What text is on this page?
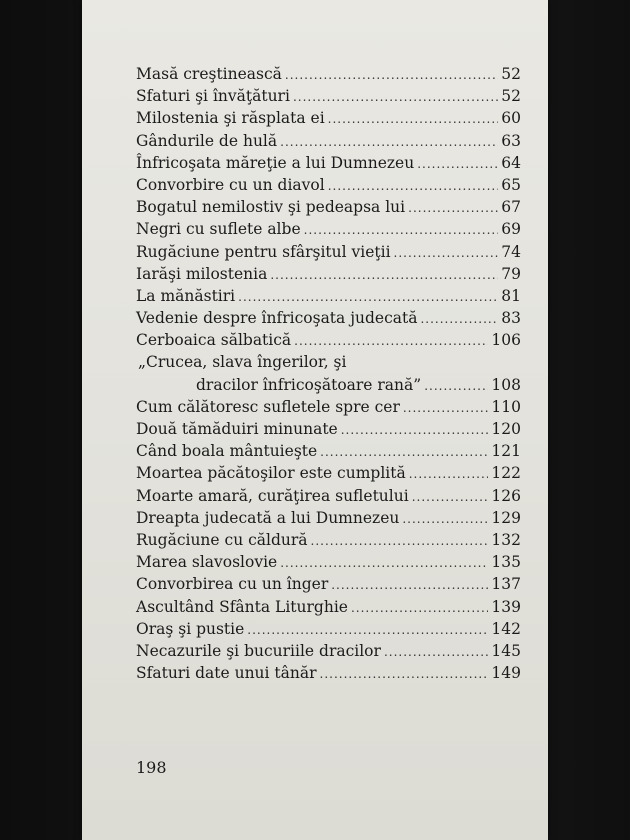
Masă creştinească .....	52
Sfaturi şi învăţături .....	52
Milostenia şi răsplata ei .....	60
Gândurile de hulă .....	63
Înfricoşata măreţie a lui Dumnezeu .....	64
Convorbire cu un diavol .....	65
Bogatul nemilostiv şi pedeapsa lui .....	67
Negri cu suflete albe .....	69
Rugăciune pentru sfârşitul vieţii .....	74
Iarăşi milostenia .....	79
La mănăstiri .....	81
Vedenie despre înfricoşata judecată .....	83
Cerboaica sălbatică .....	106
„Crucea, slava îngerilor, şi
dracilor înfricoşătoare rană” .....	108
Cum călătoresc sufletele spre cer .....	110
Două tămăduiri minunate .....	120
Când boala mântuieşte .....	121
Moartea păcătoşilor este cumplită .....	122
Moarte amară, curăţirea sufletului .....	126
Dreapta judecată a lui Dumnezeu .....	129
Rugăciune cu căldură .....	132
Marea slavoslovie .....	135
Convorbirea cu un înger .....	137
Ascultând Sfânta Liturghie .....	139
Oraş şi pustie .....	142
Necazurile şi bucuriile dracilor .....	145
Sfaturi date unui tânăr .....	149
198
